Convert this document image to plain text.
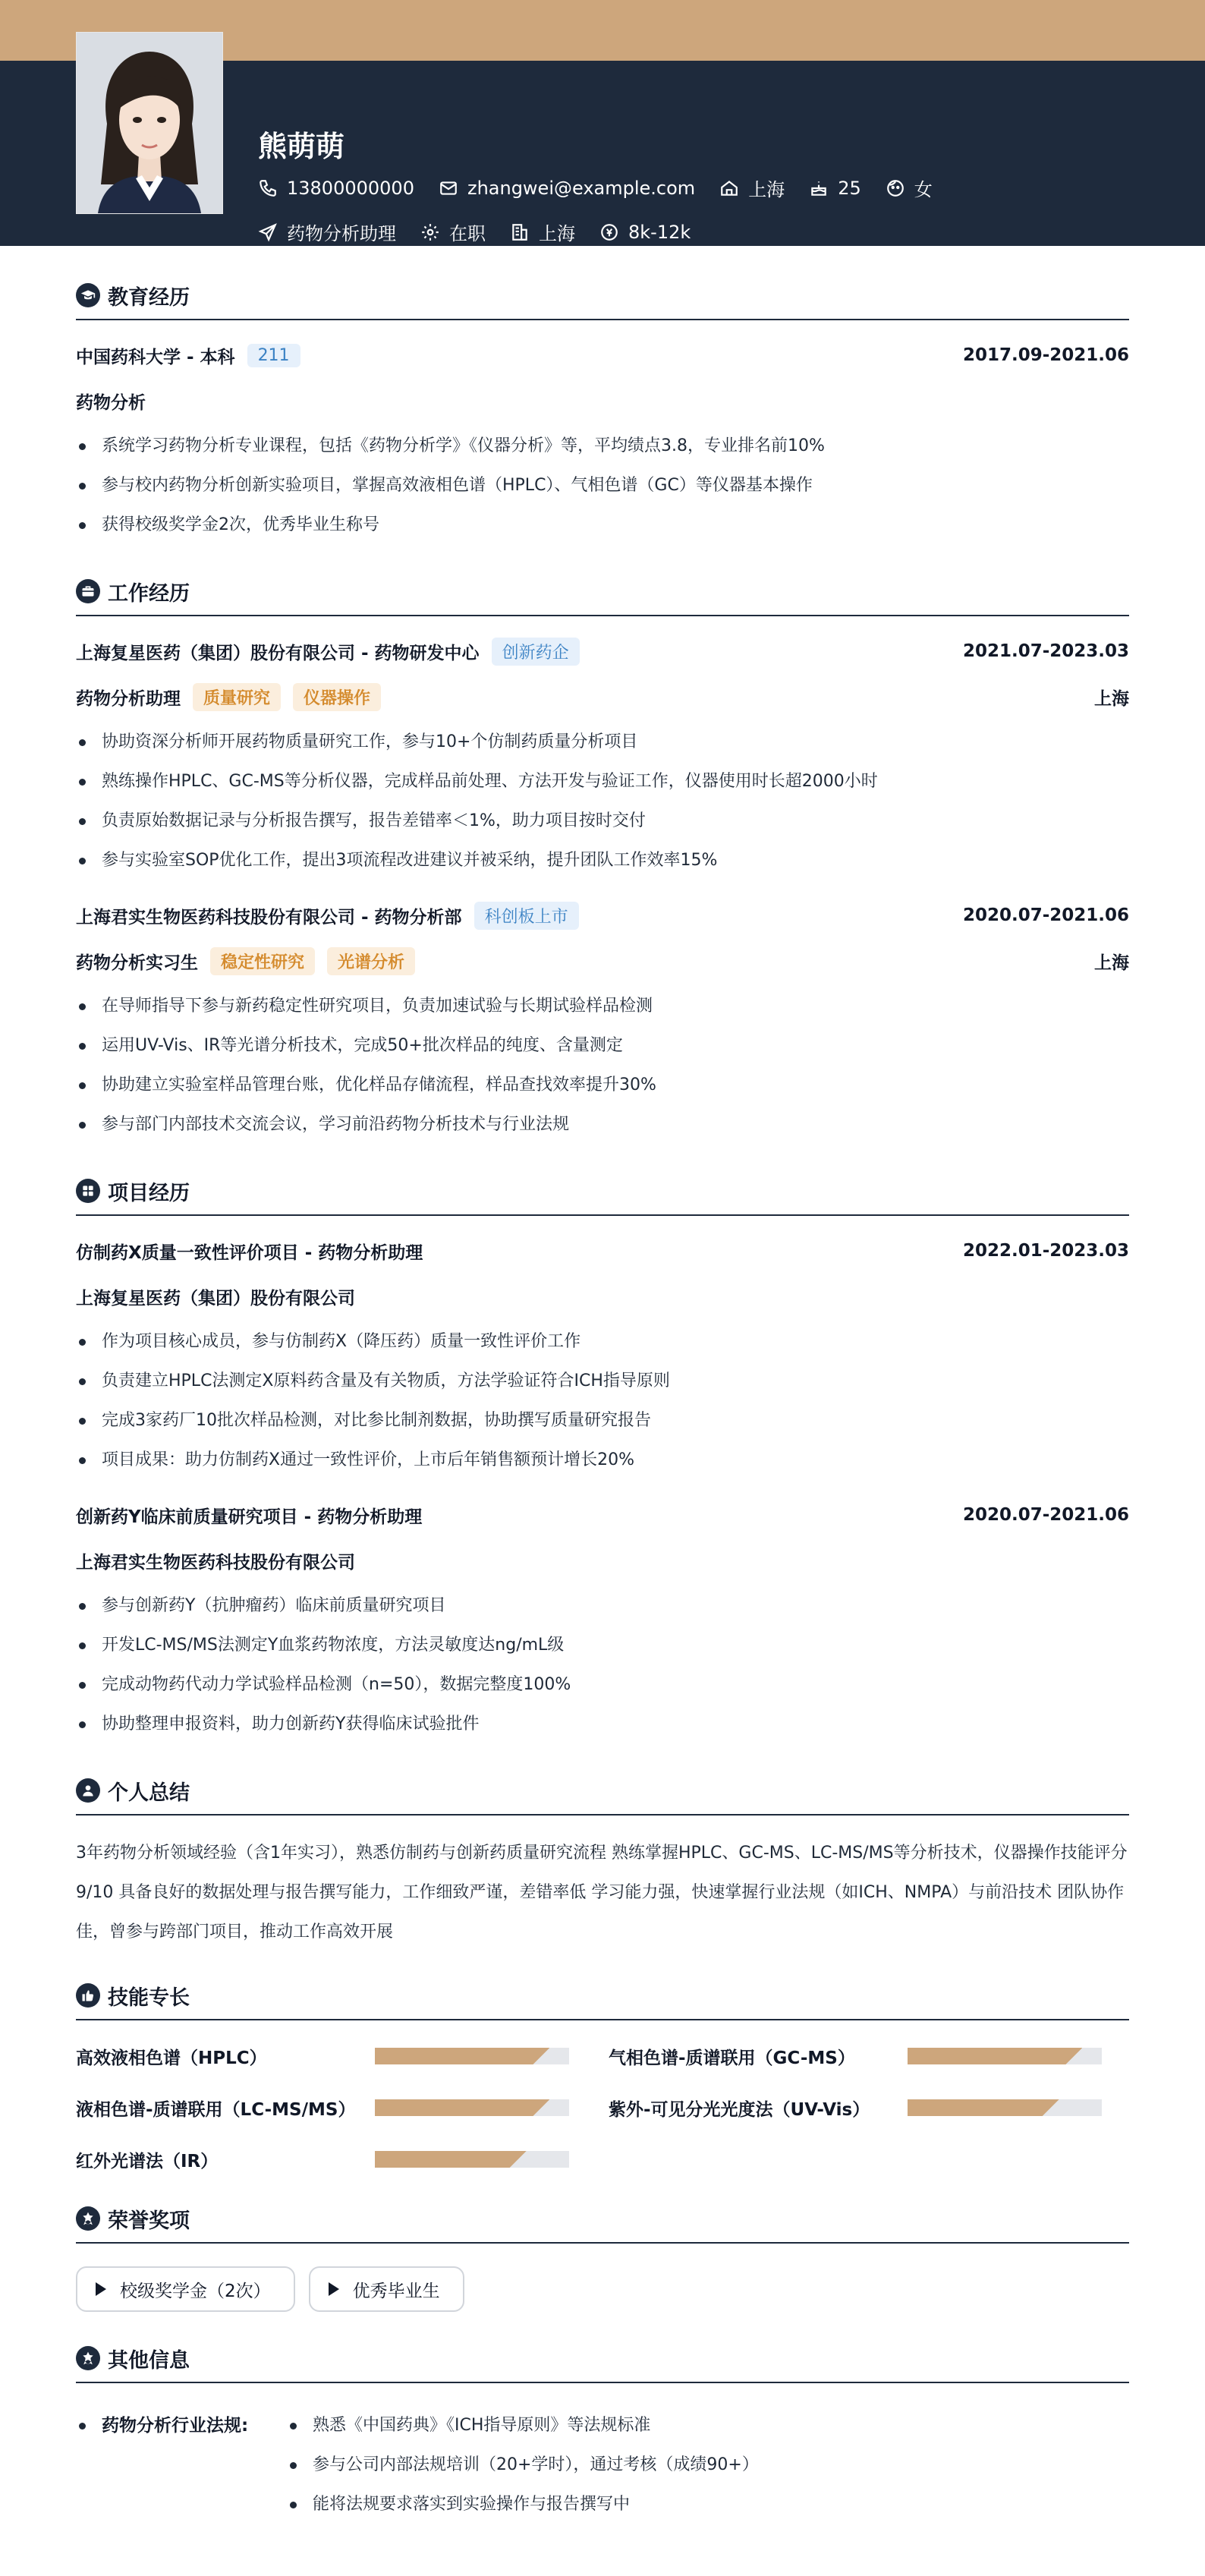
熊萌萌
13800000000	zhangwei@example.com	上海	25	女
药物分析助理	在职	上海	8k-12k
教育经历
中国药科大学 - 本科	211	2017.09-2021.06
药物分析
系统学习药物分析专业课程，包括《药物分析学》《仪器分析》等，平均绩点3.8，专业排名前10%
参与校内药物分析创新实验项目，掌握高效液相色谱（HPLC）、气相色谱（GC）等仪器基本操作
获得校级奖学金2次，优秀毕业生称号
工作经历
上海复星医药（集团）股份有限公司 - 药物研发中心	创新药企	2021.07-2023.03
药物分析助理	质量研究	仪器操作	上海
协助资深分析师开展药物质量研究工作，参与10+个仿制药质量分析项目
熟练操作HPLC、GC-MS等分析仪器，完成样品前处理、方法开发与验证工作，仪器使用时长超2000小时
负责原始数据记录与分析报告撰写，报告差错率＜1%，助力项目按时交付
参与实验室SOP优化工作，提出3项流程改进建议并被采纳，提升团队工作效率15%
上海君实生物医药科技股份有限公司 - 药物分析部	科创板上市	2020.07-2021.06
药物分析实习生	稳定性研究	光谱分析	上海
在导师指导下参与新药稳定性研究项目，负责加速试验与长期试验样品检测
运用UV-Vis、IR等光谱分析技术，完成50+批次样品的纯度、含量测定
协助建立实验室样品管理台账，优化样品存储流程，样品查找效率提升30%
参与部门内部技术交流会议，学习前沿药物分析技术与行业法规
项目经历
仿制药X质量一致性评价项目 - 药物分析助理	2022.01-2023.03
上海复星医药（集团）股份有限公司
作为项目核心成员，参与仿制药X（降压药）质量一致性评价工作
负责建立HPLC法测定X原料药含量及有关物质，方法学验证符合ICH指导原则
完成3家药厂10批次样品检测，对比参比制剂数据，协助撰写质量研究报告
项目成果：助力仿制药X通过一致性评价，上市后年销售额预计增长20%
创新药Y临床前质量研究项目 - 药物分析助理	2020.07-2021.06
上海君实生物医药科技股份有限公司
参与创新药Y（抗肿瘤药）临床前质量研究项目
开发LC-MS/MS法测定Y血浆药物浓度，方法灵敏度达ng/mL级
完成动物药代动力学试验样品检测（n=50），数据完整度100%
协助整理申报资料，助力创新药Y获得临床试验批件
个人总结
3年药物分析领域经验（含1年实习），熟悉仿制药与创新药质量研究流程 熟练掌握HPLC、GC-MS、LC-MS/MS等分析技术，仪器操作技能评分9/10 具备良好的数据处理与报告撰写能力，工作细致严谨，差错率低 学习能力强，快速掌握行业法规（如ICH、NMPA）与前沿技术 团队协作佳，曾参与跨部门项目，推动工作高效开展
技能专长
高效液相色谱（HPLC）	气相色谱-质谱联用（GC-MS）
液相色谱-质谱联用（LC-MS/MS）	紫外-可见分光光度法（UV-Vis）
红外光谱法（IR）
荣誉奖项
校级奖学金（2次）	优秀毕业生
其他信息
药物分析行业法规:	熟悉《中国药典》《ICH指导原则》等法规标准
参与公司内部法规培训（20+学时），通过考核（成绩90+）
能将法规要求落实到实验操作与报告撰写中
